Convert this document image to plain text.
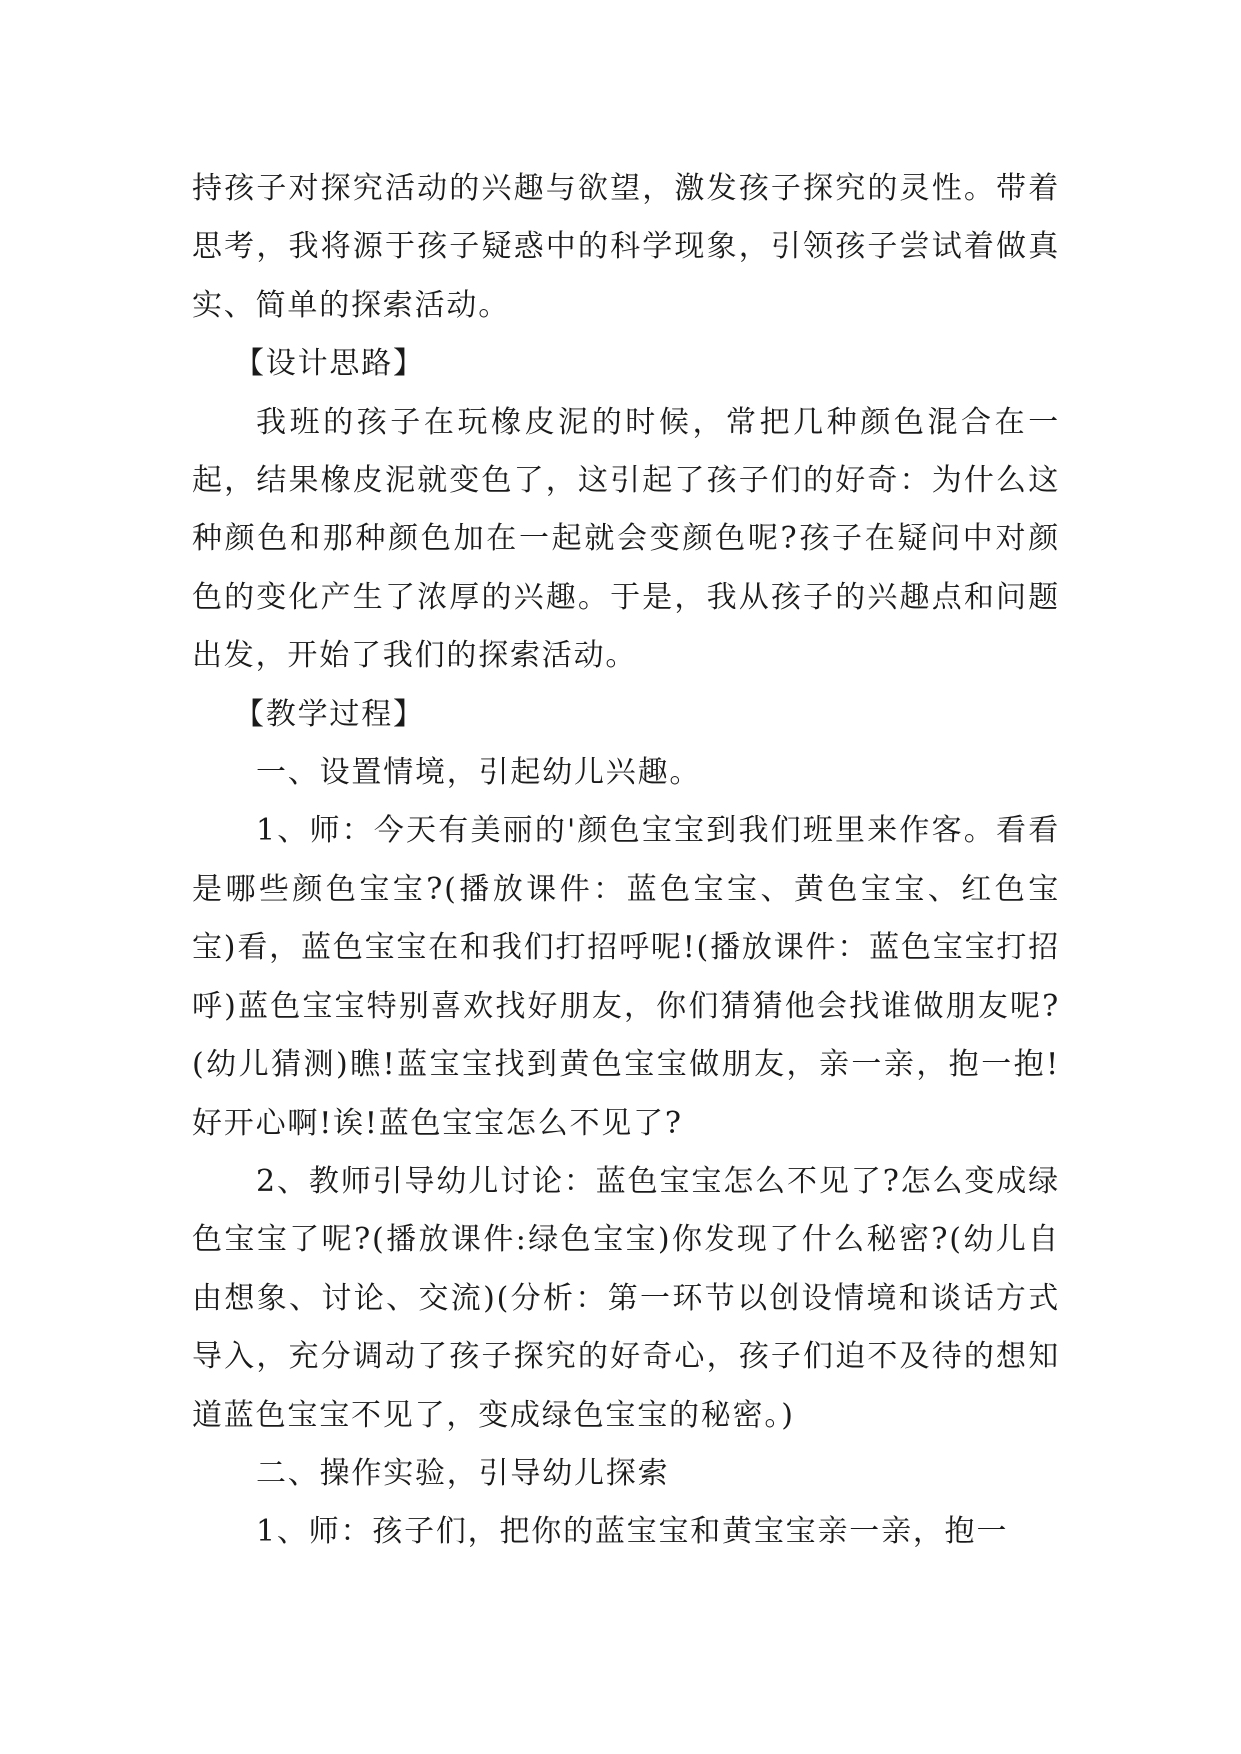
持孩子对探究活动的兴趣与欲望，激发孩子探究的灵性。带着思考，我将源于孩子疑惑中的科学现象，引领孩子尝试着做真实、简单的探索活动。

【设计思路】

我班的孩子在玩橡皮泥的时候，常把几种颜色混合在一起，结果橡皮泥就变色了，这引起了孩子们的好奇：为什么这种颜色和那种颜色加在一起就会变颜色呢?孩子在疑问中对颜色的变化产生了浓厚的兴趣。于是，我从孩子的兴趣点和问题出发，开始了我们的探索活动。

【教学过程】

一、设置情境，引起幼儿兴趣。

1、师：今天有美丽的'颜色宝宝到我们班里来作客。看看是哪些颜色宝宝?(播放课件：蓝色宝宝、黄色宝宝、红色宝宝)看，蓝色宝宝在和我们打招呼呢!(播放课件：蓝色宝宝打招呼)蓝色宝宝特别喜欢找好朋友，你们猜猜他会找谁做朋友呢?(幼儿猜测)瞧!蓝宝宝找到黄色宝宝做朋友，亲一亲，抱一抱!好开心啊!诶!蓝色宝宝怎么不见了?

2、教师引导幼儿讨论：蓝色宝宝怎么不见了?怎么变成绿色宝宝了呢?(播放课件:绿色宝宝)你发现了什么秘密?(幼儿自由想象、讨论、交流)(分析：第一环节以创设情境和谈话方式导入，充分调动了孩子探究的好奇心，孩子们迫不及待的想知道蓝色宝宝不见了，变成绿色宝宝的秘密。)

二、操作实验，引导幼儿探索

1、师：孩子们，把你的蓝宝宝和黄宝宝亲一亲，抱一
